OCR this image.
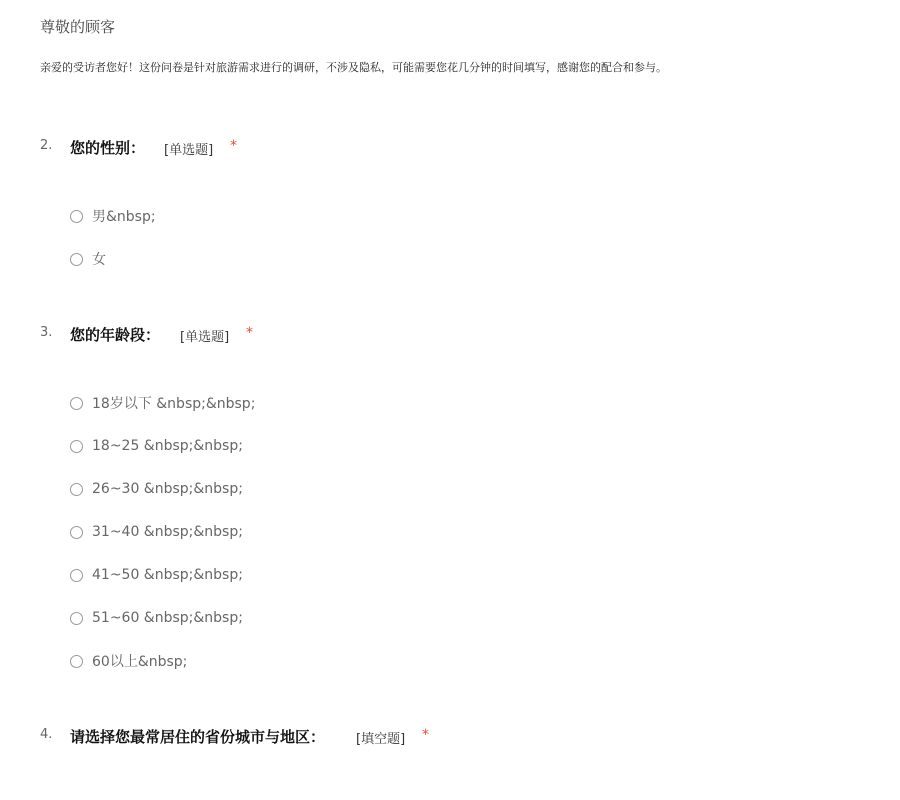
尊敬的顾客
亲爱的受访者您好！这份问卷是针对旅游需求进行的调研，不涉及隐私，可能需要您花几分钟的时间填写，感谢您的配合和参与。
2. 您的性别： [单选题] *
男&nbsp;
女
3. 您的年龄段： [单选题] *
18岁以下 &nbsp;&nbsp;
18~25 &nbsp;&nbsp;
26~30 &nbsp;&nbsp;
31~40 &nbsp;&nbsp;
41~50 &nbsp;&nbsp;
51~60 &nbsp;&nbsp;
60以上&nbsp;
4. 请选择您最常居住的省份城市与地区： [填空题] *
